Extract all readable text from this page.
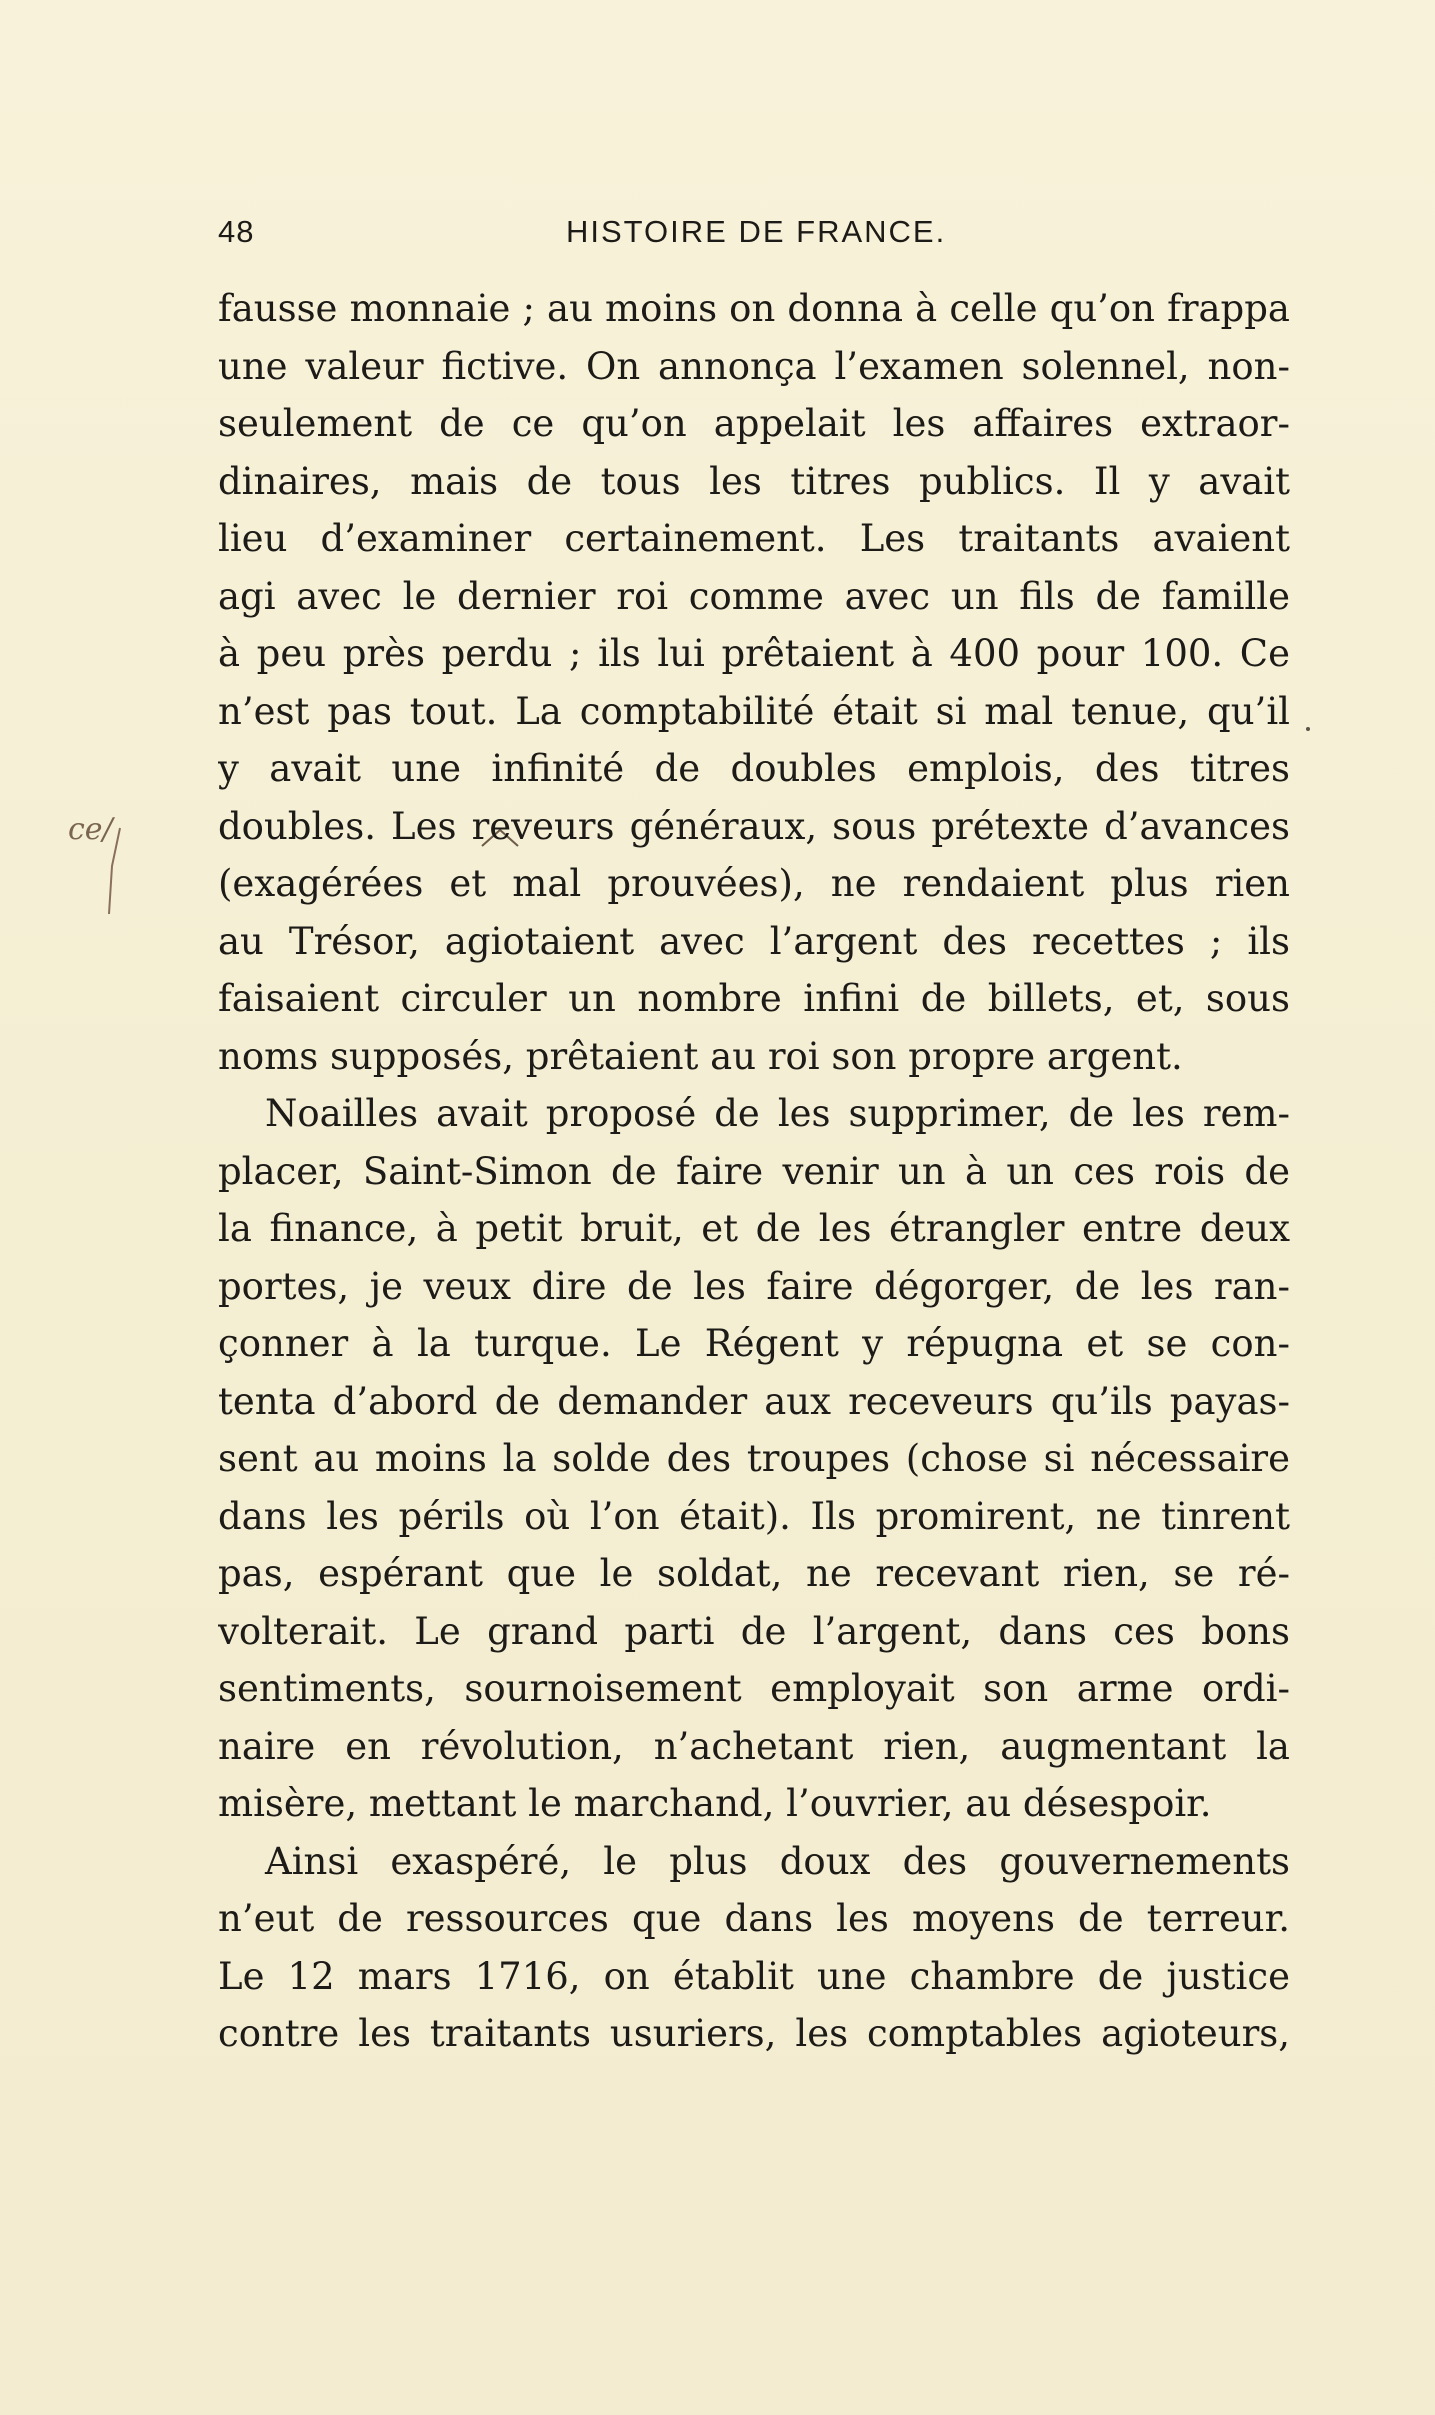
48	HISTOIRE DE FRANCE.
ce/
fausse monnaie ; au moins on donna à celle qu’on frappa
une valeur fictive. On annonça l’examen solennel, non-
seulement de ce qu’on appelait les affaires extraor-
dinaires, mais de tous les titres publics. Il y avait
lieu d’examiner certainement. Les traitants avaient
agi avec le dernier roi comme avec un fils de famille
à peu près perdu ; ils lui prêtaient à 400 pour 100. Ce
n’est pas tout. La comptabilité était si mal tenue, qu’il
y avait une infinité de doubles emplois, des titres
doubles. Les reveurs généraux, sous prétexte d’avances
(exagérées et mal prouvées), ne rendaient plus rien
au Trésor, agiotaient avec l’argent des recettes ; ils
faisaient circuler un nombre infini de billets, et, sous
noms supposés, prêtaient au roi son propre argent.
Noailles avait proposé de les supprimer, de les rem-
placer, Saint-Simon de faire venir un à un ces rois de
la finance, à petit bruit, et de les étrangler entre deux
portes, je veux dire de les faire dégorger, de les ran-
çonner à la turque. Le Régent y répugna et se con-
tenta d’abord de demander aux receveurs qu’ils payas-
sent au moins la solde des troupes (chose si nécessaire
dans les périls où l’on était). Ils promirent, ne tinrent
pas, espérant que le soldat, ne recevant rien, se ré-
volterait. Le grand parti de l’argent, dans ces bons
sentiments, sournoisement employait son arme ordi-
naire en révolution, n’achetant rien, augmentant la
misère, mettant le marchand, l’ouvrier, au désespoir.
Ainsi exaspéré, le plus doux des gouvernements
n’eut de ressources que dans les moyens de terreur.
Le 12 mars 1716, on établit une chambre de justice
contre les traitants usuriers, les comptables agioteurs,
